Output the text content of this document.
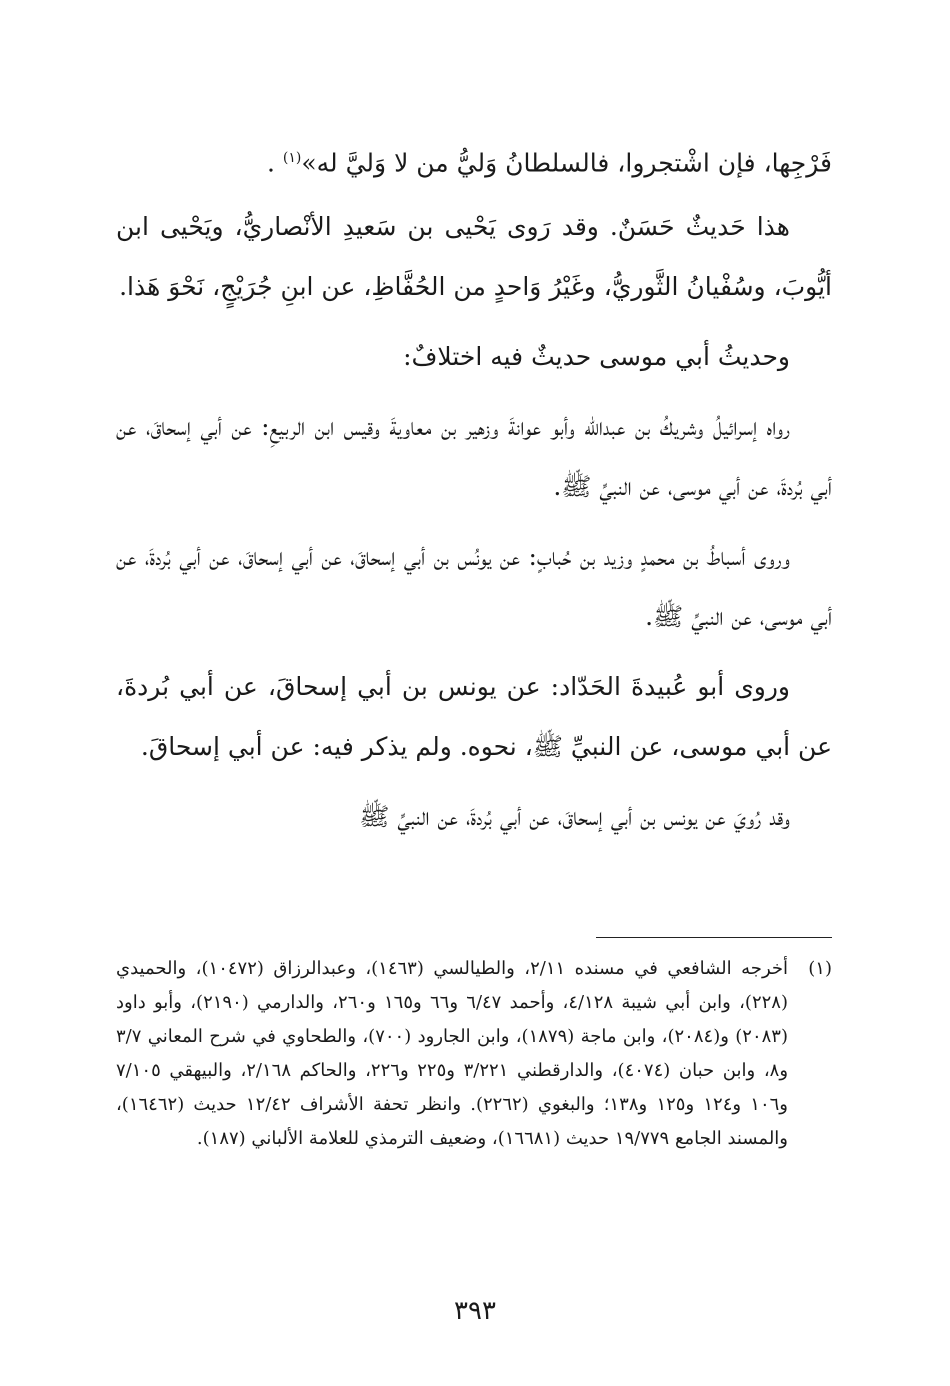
فَرْجِها، فإن اشْتجروا، فالسلطانُ وَليُّ من لا وَليَّ له»$^{(١)}$ .

هذا حَديثٌ حَسَنٌ. وقد رَوى يَحْيى بن سَعيدِ الأنْصاريُّ، ويَحْيى ابن أيُّوبَ، وسُفْيانُ الثَّوريُّ، وغَيْرُ وَاحدٍ من الحُفَّاظِ، عن ابنِ جُرَيْجٍ، نَحْوَ هَذا.

وحديثُ أبي موسى حديثٌ فيه اختلافٌ:

رواه إسرائيلُ وشريكُ بن عبدالله وأبو عوانةَ وزهير بن معاويةَ وقيس ابن الربيعِ: عن أبي إسحاقَ، عن أبي بُردةَ، عن أبي موسى، عن النبيِّ ﷺ.

وروى أسباطُ بن محمدٍ وزيد بن حُبابٍ: عن يونُس بن أبي إسحاقَ، عن أبي إسحاقَ، عن أبي بُردةَ، عن أبي موسى، عن النبيِّ ﷺ.

وروى أبو عُبيدةَ الحَدّاد: عن يونس بن أبي إسحاقَ، عن أبي بُردةَ، عن أبي موسى، عن النبيِّ ﷺ، نحوه. ولم يذكر فيه: عن أبي إسحاقَ.

وقد رُويَ عن يونس بن أبي إسحاقَ، عن أبي بُردةَ، عن النبيِّ ﷺ

(١)
أخرجه الشافعي في مسنده ٢/١١، والطيالسي (١٤٦٣)، وعبدالرزاق (١٠٤٧٢)، والحميدي (٢٢٨)، وابن أبي شيبة ٤/١٢٨، وأحمد ٦/٤٧ و٦٦ و١٦٥ و٢٦٠، والدارمي (٢١٩٠)، وأبو داود (٢٠٨٣) و(٢٠٨٤)، وابن ماجة (١٨٧٩)، وابن الجارود (٧٠٠)، والطحاوي في شرح المعاني ٣/٧ و٨، وابن حبان (٤٠٧٤)، والدارقطني ٣/٢٢١ و٢٢٥ و٢٢٦، والحاكم ٢/١٦٨، والبيهقي ٧/١٠٥ و١٠٦ و١٢٤ و١٢٥ و١٣٨؛ والبغوي (٢٢٦٢). وانظر تحفة الأشراف ١٢/٤٢ حديث (١٦٤٦٢)، والمسند الجامع ١٩/٧٧٩ حديث (١٦٦٨١)، وضعيف الترمذي للعلامة الألباني (١٨٧).
٣٩٣
